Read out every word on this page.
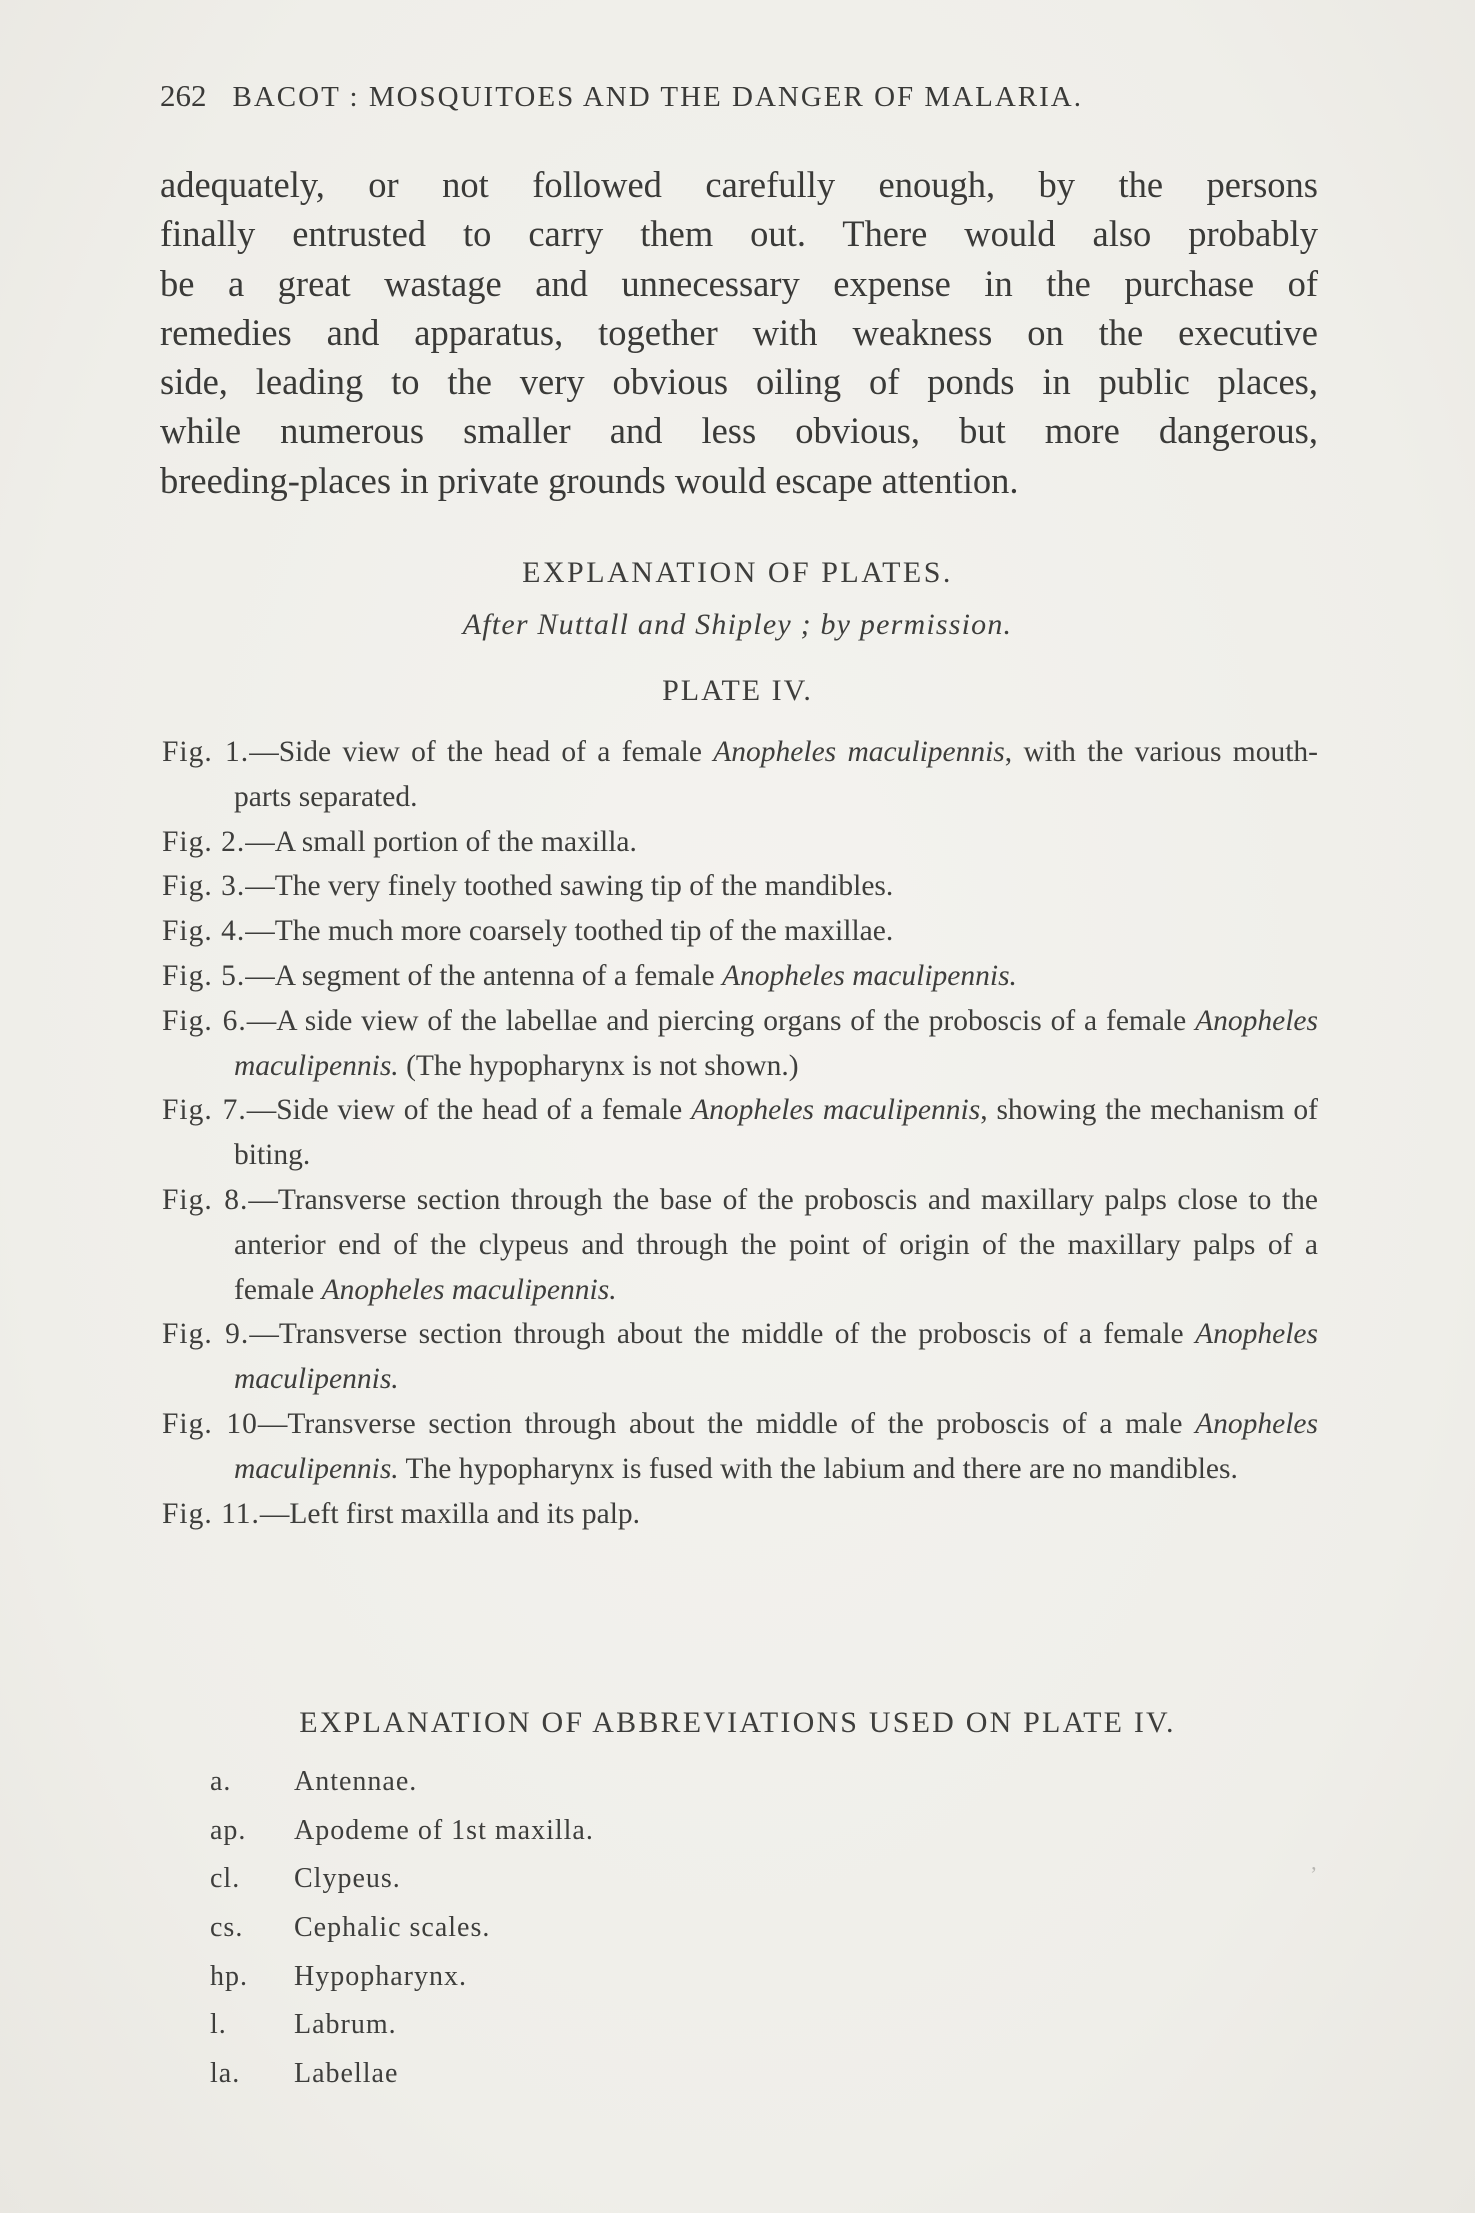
262 BACOT : MOSQUITOES AND THE DANGER OF MALARIA.
adequately, or not followed carefully enough, by the persons
finally entrusted to carry them out. There would also probably
be a great wastage and unnecessary expense in the purchase of
remedies and apparatus, together with weakness on the executive
side, leading to the very obvious oiling of ponds in public places,
while numerous smaller and less obvious, but more dangerous,
breeding-places in private grounds would escape attention.
EXPLANATION OF PLATES.
After Nuttall and Shipley ; by permission.
PLATE IV.
Fig. 1.—Side view of the head of a female Anopheles maculipennis, with the various mouth-parts separated.
Fig. 2.—A small portion of the maxilla.
Fig. 3.—The very finely toothed sawing tip of the mandibles.
Fig. 4.—The much more coarsely toothed tip of the maxillae.
Fig. 5.—A segment of the antenna of a female Anopheles maculipennis.
Fig. 6.—A side view of the labellae and piercing organs of the proboscis of a female Anopheles maculipennis. (The hypopharynx is not shown.)
Fig. 7.—Side view of the head of a female Anopheles maculipennis, showing the mechanism of biting.
Fig. 8.—Transverse section through the base of the proboscis and maxillary palps close to the anterior end of the clypeus and through the point of origin of the maxillary palps of a female Anopheles maculipennis.
Fig. 9.—Transverse section through about the middle of the proboscis of a female Anopheles maculipennis.
Fig. 10—Transverse section through about the middle of the proboscis of a male Anopheles maculipennis. The hypopharynx is fused with the labium and there are no mandibles.
Fig. 11.—Left first maxilla and its palp.
EXPLANATION OF ABBREVIATIONS USED ON PLATE IV.
a. Antennae.
ap. Apodeme of 1st maxilla.
cl. Clypeus.
cs. Cephalic scales.
hp. Hypopharynx.
l. Labrum.
la. Labellae
ʼ
